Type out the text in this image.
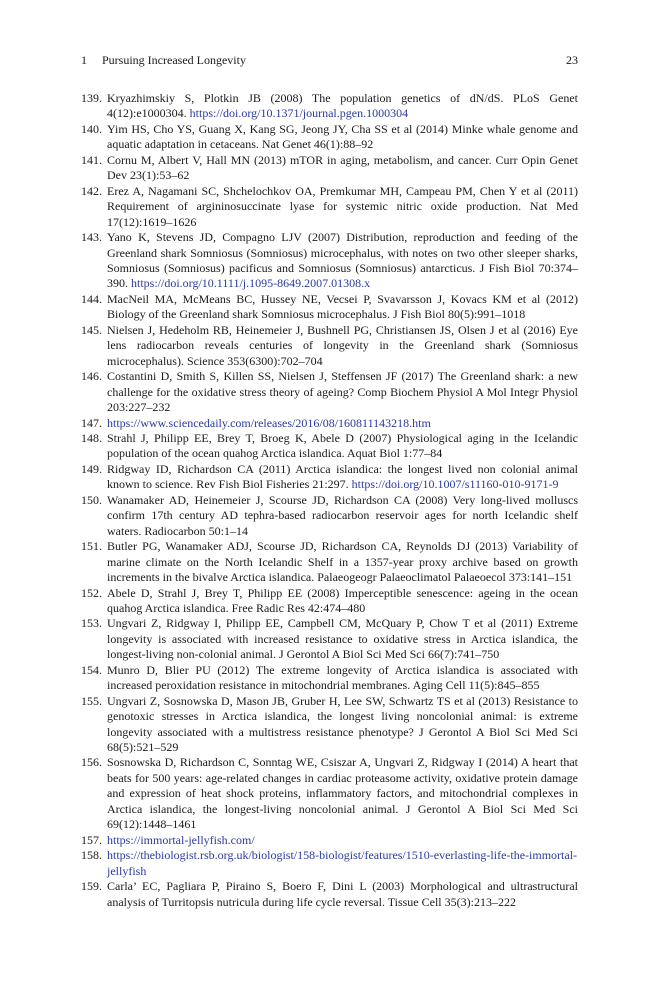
1 Pursuing Increased Longevity	23
139. Kryazhimskiy S, Plotkin JB (2008) The population genetics of dN/dS. PLoS Genet 4(12):e1000304. https://doi.org/10.1371/journal.pgen.1000304
140. Yim HS, Cho YS, Guang X, Kang SG, Jeong JY, Cha SS et al (2014) Minke whale genome and aquatic adaptation in cetaceans. Nat Genet 46(1):88–92
141. Cornu M, Albert V, Hall MN (2013) mTOR in aging, metabolism, and cancer. Curr Opin Genet Dev 23(1):53–62
142. Erez A, Nagamani SC, Shchelochkov OA, Premkumar MH, Campeau PM, Chen Y et al (2011) Requirement of argininosuccinate lyase for systemic nitric oxide production. Nat Med 17(12):1619–1626
143. Yano K, Stevens JD, Compagno LJV (2007) Distribution, reproduction and feeding of the Greenland shark Somniosus (Somniosus) microcephalus, with notes on two other sleeper sharks, Somniosus (Somniosus) pacificus and Somniosus (Somniosus) antarcticus. J Fish Biol 70:374–390. https://doi.org/10.1111/j.1095-8649.2007.01308.x
144. MacNeil MA, McMeans BC, Hussey NE, Vecsei P, Svavarsson J, Kovacs KM et al (2012) Biology of the Greenland shark Somniosus microcephalus. J Fish Biol 80(5):991–1018
145. Nielsen J, Hedeholm RB, Heinemeier J, Bushnell PG, Christiansen JS, Olsen J et al (2016) Eye lens radiocarbon reveals centuries of longevity in the Greenland shark (Somniosus microcephalus). Science 353(6300):702–704
146. Costantini D, Smith S, Killen SS, Nielsen J, Steffensen JF (2017) The Greenland shark: a new challenge for the oxidative stress theory of ageing? Comp Biochem Physiol A Mol Integr Physiol 203:227–232
147. https://www.sciencedaily.com/releases/2016/08/160811143218.htm
148. Strahl J, Philipp EE, Brey T, Broeg K, Abele D (2007) Physiological aging in the Icelandic population of the ocean quahog Arctica islandica. Aquat Biol 1:77–84
149. Ridgway ID, Richardson CA (2011) Arctica islandica: the longest lived non colonial animal known to science. Rev Fish Biol Fisheries 21:297. https://doi.org/10.1007/s11160-010-9171-9
150. Wanamaker AD, Heinemeier J, Scourse JD, Richardson CA (2008) Very long-lived molluscs confirm 17th century AD tephra-based radiocarbon reservoir ages for north Icelandic shelf waters. Radiocarbon 50:1–14
151. Butler PG, Wanamaker ADJ, Scourse JD, Richardson CA, Reynolds DJ (2013) Variability of marine climate on the North Icelandic Shelf in a 1357-year proxy archive based on growth increments in the bivalve Arctica islandica. Palaeogeogr Palaeoclimatol Palaeoecol 373:141–151
152. Abele D, Strahl J, Brey T, Philipp EE (2008) Imperceptible senescence: ageing in the ocean quahog Arctica islandica. Free Radic Res 42:474–480
153. Ungvari Z, Ridgway I, Philipp EE, Campbell CM, McQuary P, Chow T et al (2011) Extreme longevity is associated with increased resistance to oxidative stress in Arctica islandica, the longest-living non-colonial animal. J Gerontol A Biol Sci Med Sci 66(7):741–750
154. Munro D, Blier PU (2012) The extreme longevity of Arctica islandica is associated with increased peroxidation resistance in mitochondrial membranes. Aging Cell 11(5):845–855
155. Ungvari Z, Sosnowska D, Mason JB, Gruber H, Lee SW, Schwartz TS et al (2013) Resistance to genotoxic stresses in Arctica islandica, the longest living noncolonial animal: is extreme longevity associated with a multistress resistance phenotype? J Gerontol A Biol Sci Med Sci 68(5):521–529
156. Sosnowska D, Richardson C, Sonntag WE, Csiszar A, Ungvari Z, Ridgway I (2014) A heart that beats for 500 years: age-related changes in cardiac proteasome activity, oxidative protein damage and expression of heat shock proteins, inflammatory factors, and mitochondrial complexes in Arctica islandica, the longest-living noncolonial animal. J Gerontol A Biol Sci Med Sci 69(12):1448–1461
157. https://immortal-jellyfish.com/
158. https://thebiologist.rsb.org.uk/biologist/158-biologist/features/1510-everlasting-life-the-immortal-jellyfish
159. Carla’ EC, Pagliara P, Piraino S, Boero F, Dini L (2003) Morphological and ultrastructural analysis of Turritopsis nutricula during life cycle reversal. Tissue Cell 35(3):213–222
